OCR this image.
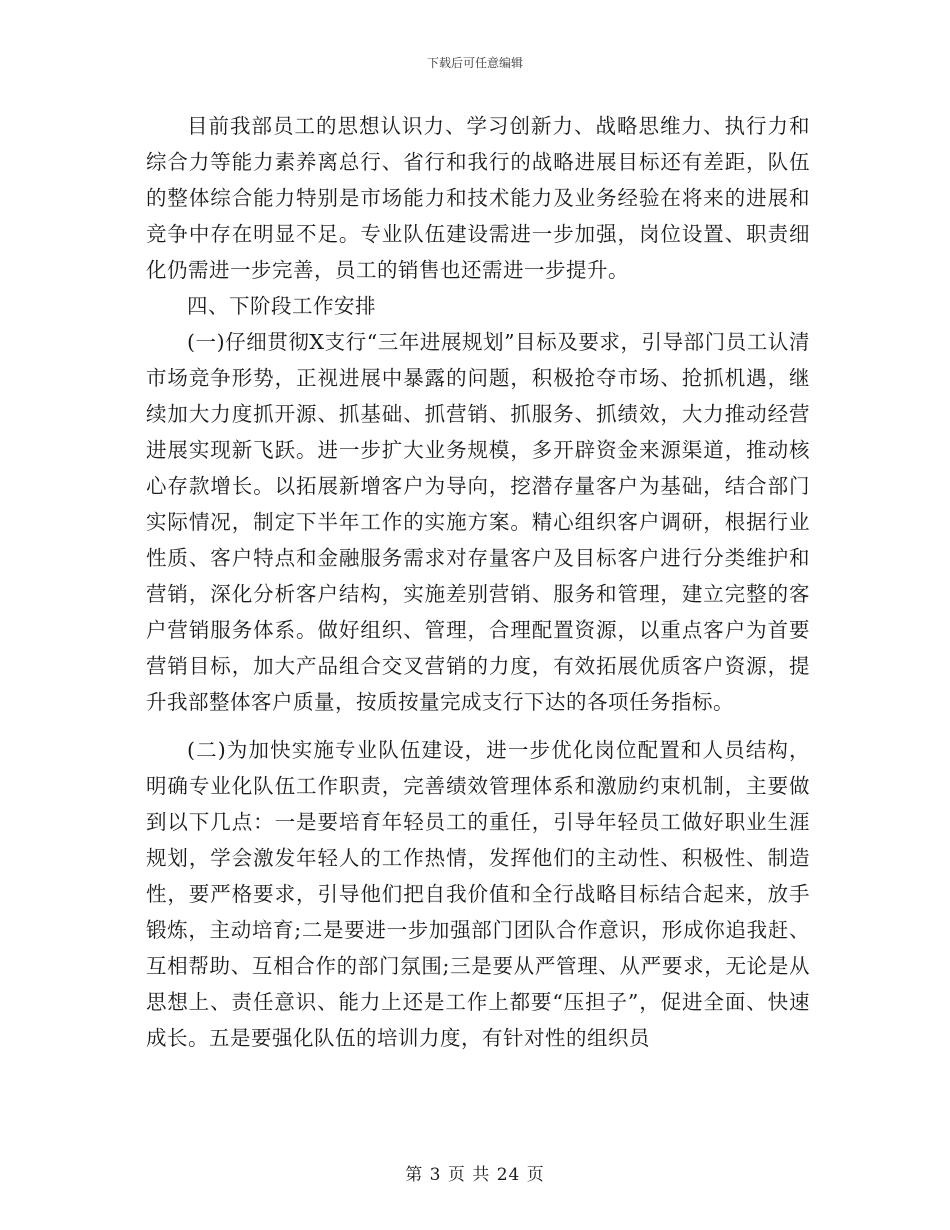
下载后可任意编辑

目前我部员工的思想认识力、学习创新力、战略思维力、执行力和综合力等能力素养离总行、省行和我行的战略进展目标还有差距，队伍的整体综合能力特别是市场能力和技术能力及业务经验在将来的进展和竞争中存在明显不足。专业队伍建设需进一步加强，岗位设置、职责细化仍需进一步完善，员工的销售也还需进一步提升。

四、下阶段工作安排

(一)仔细贯彻X支行“三年进展规划”目标及要求，引导部门员工认清市场竞争形势，正视进展中暴露的问题，积极抢夺市场、抢抓机遇，继续加大力度抓开源、抓基础、抓营销、抓服务、抓绩效，大力推动经营进展实现新飞跃。进一步扩大业务规模，多开辟资金来源渠道，推动核心存款增长。以拓展新增客户为导向，挖潜存量客户为基础，结合部门实际情况，制定下半年工作的实施方案。精心组织客户调研，根据行业性质、客户特点和金融服务需求对存量客户及目标客户进行分类维护和营销，深化分析客户结构，实施差别营销、服务和管理，建立完整的客户营销服务体系。做好组织、管理，合理配置资源，以重点客户为首要营销目标，加大产品组合交叉营销的力度，有效拓展优质客户资源，提升我部整体客户质量，按质按量完成支行下达的各项任务指标。

(二)为加快实施专业队伍建设，进一步优化岗位配置和人员结构，明确专业化队伍工作职责，完善绩效管理体系和激励约束机制，主要做到以下几点：一是要培育年轻员工的重任，引导年轻员工做好职业生涯规划，学会激发年轻人的工作热情，发挥他们的主动性、积极性、制造性，要严格要求，引导他们把自我价值和全行战略目标结合起来，放手锻炼，主动培育;二是要进一步加强部门团队合作意识，形成你追我赶、互相帮助、互相合作的部门氛围;三是要从严管理、从严要求，无论是从思想上、责任意识、能力上还是工作上都要“压担子”，促进全面、快速成长。五是要强化队伍的培训力度，有针对性的组织员

第 3 页 共 24 页
